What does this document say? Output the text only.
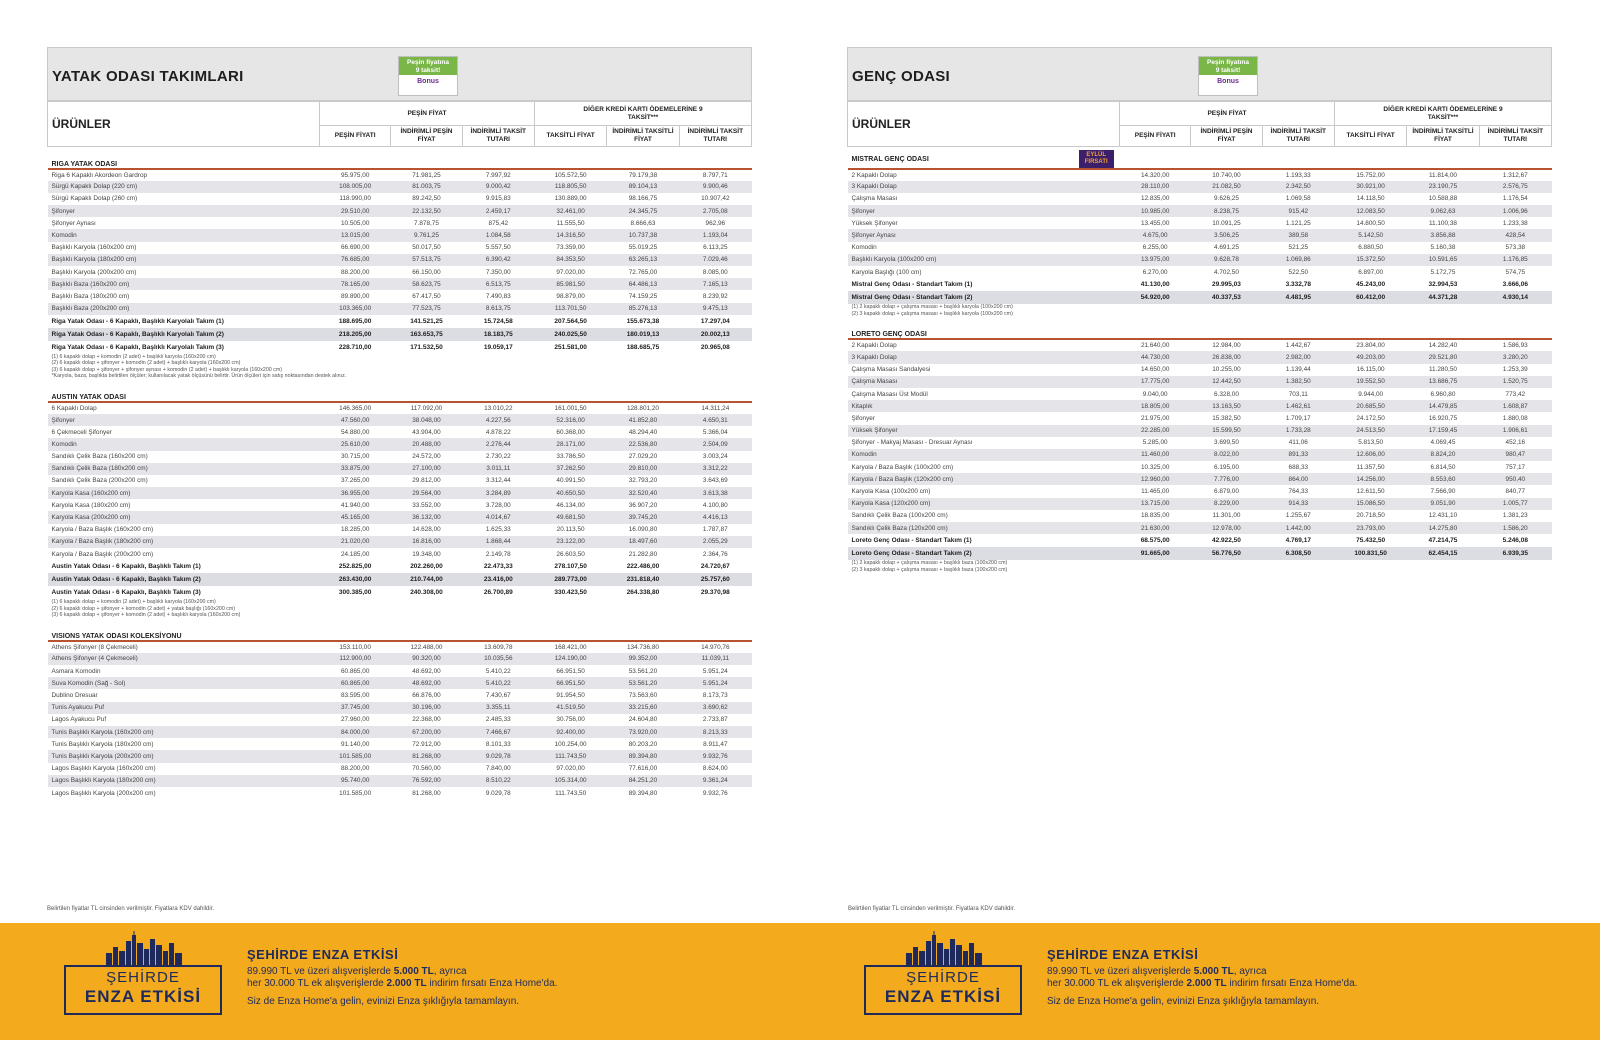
YATAK ODASI TAKIMLARI
Peşin fiyatına
9 taksit!
Bonus
ÜRÜNLER	PEŞİN FİYAT			DİĞER KREDİ KARTI ÖDEMELERİNE 9 TAKSİT***		
	PEŞİN FİYATI	İNDİRİMLİ PEŞİN FİYAT	İNDİRİMLİ TAKSİT TUTARI	TAKSİTLİ FİYAT	İNDİRİMLİ TAKSİTLİ FİYAT	İNDİRİMLİ TAKSİT TUTARI
RIGA YATAK ODASI						
Riga 6 Kapaklı Akordeon Gardrop	95.975,00	71.981,25	7.997,92	105.572,50	79.179,38	8.797,71
Sürgü Kapaklı Dolap (220 cm)	108.005,00	81.003,75	9.000,42	118.805,50	89.104,13	9.900,46
Sürgü Kapaklı Dolap (260 cm)	118.990,00	89.242,50	9.915,83	130.889,00	98.166,75	10.907,42
Şifonyer	29.510,00	22.132,50	2.459,17	32.461,00	24.345,75	2.705,08
Şifonyer Aynası	10.505,00	7.878,75	875,42	11.555,50	8.666,63	962,96
Komodin	13.015,00	9.761,25	1.084,58	14.316,50	10.737,38	1.193,04
Başlıklı Karyola (160x200 cm)	66.690,00	50.017,50	5.557,50	73.359,00	55.019,25	6.113,25
Başlıklı Karyola (180x200 cm)	76.685,00	57.513,75	6.390,42	84.353,50	63.265,13	7.029,46
Başlıklı Karyola (200x200 cm)	88.200,00	66.150,00	7.350,00	97.020,00	72.765,00	8.085,00
Başlıklı Baza (160x200 cm)	78.165,00	58.623,75	6.513,75	85.981,50	64.486,13	7.165,13
Başlıklı Baza (180x200 cm)	89.890,00	67.417,50	7.490,83	98.879,00	74.159,25	8.239,92
Başlıklı Baza (200x200 cm)	103.365,00	77.523,75	8.613,75	113.701,50	85.276,13	9.475,13
Riga Yatak Odası - 6 Kapaklı, Başlıklı Karyolalı Takım (1)	188.695,00	141.521,25	15.724,58	207.564,50	155.673,38	17.297,04
Riga Yatak Odası - 6 Kapaklı, Başlıklı Karyolalı Takım (2)	218.205,00	163.653,75	18.183,75	240.025,50	180.019,13	20.002,13
Riga Yatak Odası - 6 Kapaklı, Başlıklı Karyolalı Takım (3)	228.710,00	171.532,50	19.059,17	251.581,00	188.685,75	20.965,08

(1) 6 kapaklı dolap + komodin (2 adet) + başlıklı karyola (160x200 cm)
(2) 6 kapaklı dolap + şifonyer + komodin (2 adet) + başlıklı karyola (160x200 cm)
(3) 6 kapaklı dolap + şifonyer + şifonyer aynası + komodin (2 adet) + başlıklı karyola (160x200 cm)
*Karyola, baza, başlıkta belirtilen ölçüler; kullanılacak yatak ölçüsünü belirtir. Ürün ölçüleri için satış noktasından destek alınız.						

AUSTIN YATAK ODASI						
6 Kapaklı Dolap	146.365,00	117.092,00	13.010,22	161.001,50	128.801,20	14.311,24
Şifonyer	47.560,00	38.048,00	4.227,56	52.316,00	41.852,80	4.650,31
6 Çekmeceli Şifonyer	54.880,00	43.904,00	4.878,22	60.368,00	48.294,40	5.366,04
Komodin	25.610,00	20.488,00	2.276,44	28.171,00	22.536,80	2.504,09
Sandıklı Çelik Baza (160x200 cm)	30.715,00	24.572,00	2.730,22	33.786,50	27.029,20	3.003,24
Sandıklı Çelik Baza (180x200 cm)	33.875,00	27.100,00	3.011,11	37.262,50	29.810,00	3.312,22
Sandıklı Çelik Baza (200x200 cm)	37.265,00	29.812,00	3.312,44	40.991,50	32.793,20	3.643,69
Karyola Kasa (160x200 cm)	36.955,00	29.564,00	3.284,89	40.650,50	32.520,40	3.613,38
Karyola Kasa (180x200 cm)	41.940,00	33.552,00	3.728,00	46.134,00	36.907,20	4.100,80
Karyola Kasa (200x200 cm)	45.165,00	36.132,00	4.014,67	49.681,50	39.745,20	4.416,13
Karyola / Baza Başlık (160x200 cm)	18.285,00	14.628,00	1.625,33	20.113,50	16.090,80	1.787,87
Karyola / Baza Başlık (180x200 cm)	21.020,00	16.816,00	1.868,44	23.122,00	18.497,60	2.055,29
Karyola / Baza Başlık (200x200 cm)	24.185,00	19.348,00	2.149,78	26.603,50	21.282,80	2.364,76
Austin Yatak Odası - 6 Kapaklı, Başlıklı Takım (1)	252.825,00	202.260,00	22.473,33	278.107,50	222.486,00	24.720,67
Austin Yatak Odası - 6 Kapaklı, Başlıklı Takım (2)	263.430,00	210.744,00	23.416,00	289.773,00	231.818,40	25.757,60
Austin Yatak Odası - 6 Kapaklı, Başlıklı Takım (3)	300.385,00	240.308,00	26.700,89	330.423,50	264.338,80	29.370,98

(1) 6 kapaklı dolap + komodin (2 adet) + başlıklı karyola (160x200 cm)
(2) 6 kapaklı dolap + şifonyer + komodin (2 adet) + yatak başlığı (160x200 cm)
(3) 6 kapaklı dolap + şifonyer + komodin (2 adet) + başlıklı karyola (160x200 cm)						

VISIONS YATAK ODASI KOLEKSİYONU						
Athens Şifonyer (8 Çekmeceli)	153.110,00	122.488,00	13.609,78	168.421,00	134.736,80	14.970,76
Athens Şifonyer (4 Çekmeceli)	112.900,00	90.320,00	10.035,56	124.190,00	99.352,00	11.039,11
Asmara Komodin	60.865,00	48.692,00	5.410,22	66.951,50	53.561,20	5.951,24
Suva Komodin (Sağ - Sol)	60.865,00	48.692,00	5.410,22	66.951,50	53.561,20	5.951,24
Dublino Dresuar	83.595,00	66.876,00	7.430,67	91.954,50	73.563,60	8.173,73
Tunis Ayakucu Puf	37.745,00	30.196,00	3.355,11	41.519,50	33.215,60	3.690,62
Lagos Ayakucu Puf	27.960,00	22.368,00	2.485,33	30.756,00	24.604,80	2.733,87
Tunis Başlıklı Karyola (160x200 cm)	84.000,00	67.200,00	7.466,67	92.400,00	73.920,00	8.213,33
Tunis Başlıklı Karyola (180x200 cm)	91.140,00	72.912,00	8.101,33	100.254,00	80.203,20	8.911,47
Tunis Başlıklı Karyola (200x200 cm)	101.585,00	81.268,00	9.029,78	111.743,50	89.394,80	9.932,76
Lagos Başlıklı Karyola (160x200 cm)	88.200,00	70.560,00	7.840,00	97.020,00	77.616,00	8.624,00
Lagos Başlıklı Karyola (180x200 cm)	95.740,00	76.592,00	8.510,22	105.314,00	84.251,20	9.361,24
Lagos Başlıklı Karyola (200x200 cm)	101.585,00	81.268,00	9.029,78	111.743,50	89.394,80	9.932,76
GENÇ ODASI
Peşin fiyatına
9 taksit!
Bonus
ÜRÜNLER	PEŞİN FİYAT			DİĞER KREDİ KARTI ÖDEMELERİNE 9 TAKSİT***		
	PEŞİN FİYATI	İNDİRİMLİ PEŞİN FİYAT	İNDİRİMLİ TAKSİT TUTARI	TAKSİTLİ FİYAT	İNDİRİMLİ TAKSİTLİ FİYAT	İNDİRİMLİ TAKSİT TUTARI
MISTRAL GENÇ ODASIEYLÜL
FIRSATI						
2 Kapaklı Dolap	14.320,00	10.740,00	1.193,33	15.752,00	11.814,00	1.312,67
3 Kapaklı Dolap	28.110,00	21.082,50	2.342,50	30.921,00	23.190,75	2.576,75
Çalışma Masası	12.835,00	9.626,25	1.069,58	14.118,50	10.588,88	1.176,54
Şifonyer	10.985,00	8.238,75	915,42	12.083,50	9.062,63	1.006,96
Yüksek Şifonyer	13.455,00	10.091,25	1.121,25	14.800,50	11.100,38	1.233,38
Şifonyer Aynası	4.675,00	3.506,25	389,58	5.142,50	3.856,88	428,54
Komodin	6.255,00	4.691,25	521,25	6.880,50	5.160,38	573,38
Başlıklı Karyola (100x200 cm)	13.975,00	9.628,78	1.069,86	15.372,50	10.591,65	1.176,85
Karyola Başlığı (100 cm)	6.270,00	4.702,50	522,50	6.897,00	5.172,75	574,75
Mistral Genç Odası - Standart Takım (1)	41.130,00	29.995,03	3.332,78	45.243,00	32.994,53	3.666,06
Mistral Genç Odası - Standart Takım (2)	54.920,00	40.337,53	4.481,95	60.412,00	44.371,28	4.930,14

(1) 2 kapaklı dolap + çalışma masası + başlıklı karyola (100x200 cm)
(2) 3 kapaklı dolap + çalışma masası + başlıklı karyola (100x200 cm)						

LORETO GENÇ ODASI						
2 Kapaklı Dolap	21.640,00	12.984,00	1.442,67	23.804,00	14.282,40	1.586,93
3 Kapaklı Dolap	44.730,00	26.838,00	2.982,00	49.203,00	29.521,80	3.280,20
Çalışma Masası Sandalyesi	14.650,00	10.255,00	1.139,44	16.115,00	11.280,50	1.253,39
Çalışma Masası	17.775,00	12.442,50	1.382,50	19.552,50	13.686,75	1.520,75
Çalışma Masası Üst Modül	9.040,00	6.328,00	703,11	9.944,00	6.960,80	773,42
Kitaplık	18.805,00	13.163,50	1.462,61	20.685,50	14.479,85	1.608,87
Şifonyer	21.975,00	15.382,50	1.709,17	24.172,50	16.920,75	1.880,08
Yüksek Şifonyer	22.285,00	15.599,50	1.733,28	24.513,50	17.159,45	1.906,61
Şifonyer - Makyaj Masası - Dresuar Aynası	5.285,00	3.699,50	411,06	5.813,50	4.069,45	452,16
Komodin	11.460,00	8.022,00	891,33	12.606,00	8.824,20	980,47
Karyola / Baza Başlık (100x200 cm)	10.325,00	6.195,00	688,33	11.357,50	6.814,50	757,17
Karyola / Baza Başlık (120x200 cm)	12.960,00	7.776,00	864,00	14.256,00	8.553,60	950,40
Karyola Kasa (100x200 cm)	11.465,00	6.879,00	764,33	12.611,50	7.566,90	840,77
Karyola Kasa (120x200 cm)	13.715,00	8.229,00	914,33	15.086,50	9.051,90	1.005,77
Sandıklı Çelik Baza (100x200 cm)	18.835,00	11.301,00	1.255,67	20.718,50	12.431,10	1.381,23
Sandıklı Çelik Baza (120x200 cm)	21.630,00	12.978,00	1.442,00	23.793,00	14.275,80	1.586,20
Loreto Genç Odası - Standart Takım (1)	68.575,00	42.922,50	4.769,17	75.432,50	47.214,75	5.246,08
Loreto Genç Odası - Standart Takım (2)	91.665,00	56.776,50	6.308,50	100.831,50	62.454,15	6.939,35

(1) 2 kapaklı dolap + çalışma masası + başlıklı baza (100x200 cm)
(2) 3 kapaklı dolap + çalışma masası + başlıklı baza (100x200 cm)						
Belirtilen fiyatlar TL cinsinden verilmiştir. Fiyatlara KDV dahildir.	Belirtilen fiyatlar TL cinsinden verilmiştir. Fiyatlara KDV dahildir.
ŞEHİRDE
ENZA ETKİSİ
ŞEHİRDE ENZA ETKİSİ
89.990 TL ve üzeri alışverişlerde 5.000 TL, ayrıca
her 30.000 TL ek alışverişlerde 2.000 TL indirim fırsatı Enza Home'da.
Siz de Enza Home'a gelin, evinizi Enza şıklığıyla tamamlayın.
ŞEHİRDE
ENZA ETKİSİ
ŞEHİRDE ENZA ETKİSİ
89.990 TL ve üzeri alışverişlerde 5.000 TL, ayrıca
her 30.000 TL ek alışverişlerde 2.000 TL indirim fırsatı Enza Home'da.
Siz de Enza Home'a gelin, evinizi Enza şıklığıyla tamamlayın.
